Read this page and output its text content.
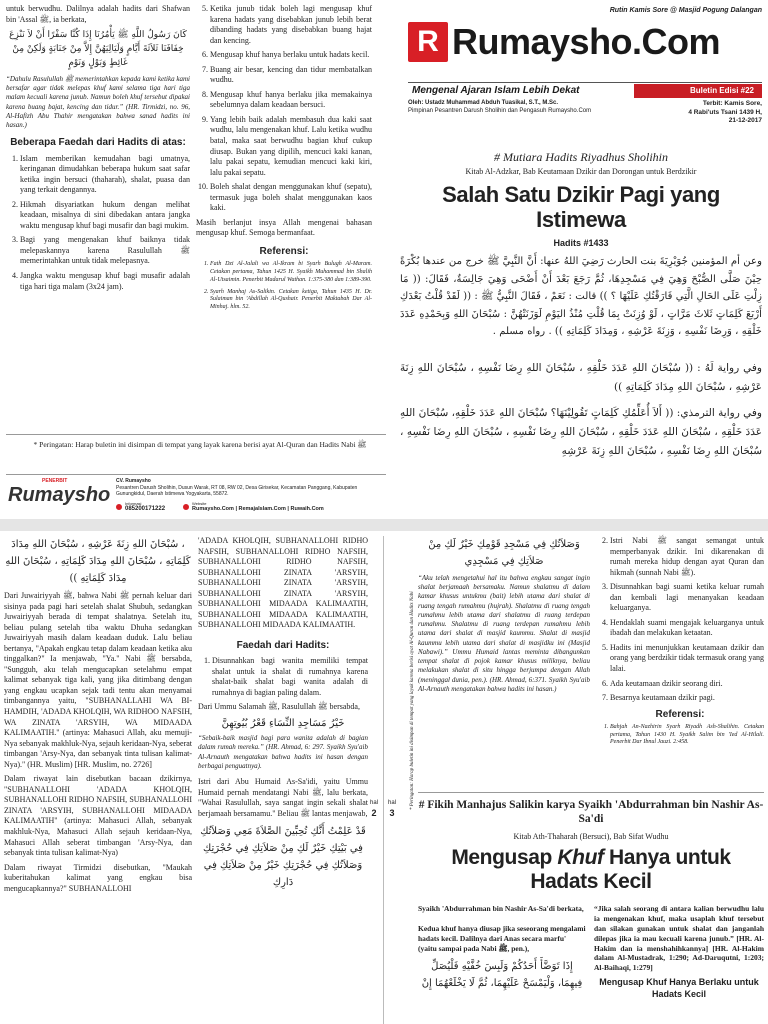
untuk berwudhu. Dalilnya adalah hadits dari Shafwan bin 'Assal ﷺ, ia berkata,

كَانَ رَسُولُ اللَّهِ ﷺ يَأْمُرُنَا إِذَا كُنَّا سَفْرًا أَنْ لاَ نَنْزِعَ خِفَافَنَا ثَلاَثَةَ أَيَّامٍ وَلَيَالِيَهُنَّ إِلاَّ مِنْ جَنَابَةٍ وَلَكِنْ مِنْ غَائِطٍ وَبَوْلٍ وَنَوْمٍ

“Dahulu Rasulullah ﷺ memerintahkan kepada kami ketika kami bersafar agar tidak melepas khuf kami selama tiga hari tiga malam kecuali karena junub. Namun boleh khuf tersebut dipakai karena buang bajat, kencing dan tidur.” (HR. Tirmidzi, no. 96, Al-Hafizh Abu Thahir mengatakan bahwa sanad hadits ini hasan.)

Beberapa Faedah dari Hadits di atas:
1. Islam memberikan kemudahan bagi umatnya, keringanan dimudahkan beberapa hukum saat safar ketika ingin bersuci (thaharah), shalat, puasa dan yang terkait dengannya.
2. Hikmah disyariatkan hukum dengan melihat keadaan, misalnya di sini dibedakan antara jangka waktu mengusap khuf bagi musafir dan bagi mukim.
3. Bagi yang mengenakan khuf baiknya tidak melepaskannya karena Rasulullah ﷺ memerintahkan untuk tidak melepasnya.
4. Jangka waktu mengusap khuf bagi musafir adalah tiga hari tiga malam (3x24 jam).
5. Ketika junub tidak boleh lagi mengusap khuf karena hadats yang disebabkan junub lebih berat dibanding hadats yang disebabkan buang hajat dan kencing.
6. Mengusap khuf hanya berlaku untuk hadats kecil.
7. Buang air besar, kencing dan tidur membatalkan wudhu.
8. Mengusap khuf hanya berlaku jika memakainya sebelumnya dalam keadaan bersuci.
9. Yang lebih baik adalah membasuh dua kaki saat wudhu, lalu mengenakan khuf. Lalu ketika wudhu batal, maka saat berwudhu bagian khuf cukup diusap. Bukan yang dipilih, mencuci kaki kanan, lalu pakai sepatu, kemudian mencuci kaki kiri, lalu pakai sepatu.
10. Boleh shalat dengan menggunakan khuf (sepatu), termasuk juga boleh shalat menggunakan kaos kaki.

Masih berlanjut insya Allah mengenai bahasan mengusap khuf. Semoga bermanfaat.

Referensi:
1. Fath Dzi Al-Jalali wa Al-Ikram bi Syarh Bulugh Al-Maram. Cetakan pertama, Tahun 1425 H. Syaikh Muhammad bin Shalih Al-Utsaimin. Penerbit Madarul Wathan. 1:375-380 dan 1:389-390.
2. Syarh Manhaj As-Salikin. Cetakan ketiga, Tahun 1435 H. Dr. Sulaiman bin 'Abdillah Al-Qushair. Penerbit Maktabah Dar Al-Minhaj. hlm. 52.
Rutin Kamis Sore @ Masjid Pogung Dalangan
R Rumaysho.Com
Mengenal Ajaran Islam Lebih Dekat	Buletin Edisi #22
Oleh: Ustadz Muhammad Abduh Tuasikal, S.T., M.Sc.
Pimpinan Pesantren Darush Sholihin dan Pengasuh Rumaysho.Com
Terbit: Kamis Sore,
4 Rabi'uts Tsani 1439 H,
21-12-2017
# Mutiara Hadits Riyadhus Sholihin
Kitab Al-Adzkar, Bab Keutamaan Dzikir dan Dorongan untuk Berdzikir
Salah Satu Dzikir Pagi yang Istimewa
Hadits #1433

وعن أم المؤمنين جُوَيْرِيَةَ بنت الحارث رَضِيَ اللهُ عنها: أَنَّ النَّبِيَّ ﷺ خرج من عندها بُكْرَةً حِيْنَ صَلَّى الصُّبْحَ وَهِيَ فِي مَسْجِدِهَا، ثُمَّ رَجَعَ بَعْدَ أَنْ أَضْحَى وَهِيَ جَالِسَةٌ، فَقَالَ: (( مَا زِلْتِ عَلَى الحَالِ الَّتِي فَارَقْتُكِ عَلَيْهَا ؟ )) قالت : نَعَمْ ، فَقَالَ النَّبِيُّ ﷺ : (( لَقَدْ قُلْتُ بَعْدَكِ أَرْبَعَ كَلِمَاتٍ ثَلاثَ مَرَّاتٍ ، لَوْ وُزِنَتْ بِمَا قُلْتِ مُنْذُ اليَوْمِ لَوَزَنَتْهُنَّ : سُبْحَانَ اللهِ وَبِحَمْدِهِ عَدَدَ خَلْقِهِ ، وَرِضَا نَفْسِهِ ، وَزِنَةَ عَرْشِهِ ، وَمِدَادَ كَلِمَاتِهِ )) . رواه مسلم .

وفي رواية لَهُ : (( سُبْحَانَ اللهِ عَدَدَ خَلْقِهِ ، سُبْحَانَ اللهِ رِضَا نَفْسِهِ ، سُبْحَانَ اللهِ زِنَةَ عَرْشِهِ ، سُبْحَانَ اللهِ مِدَادَ كَلِمَاتِهِ ))

وفي رواية الترمذي: (( أَلاَ أُعَلِّمُكِ كَلِمَاتٍ تَقُولِيْنَهَا؟ سُبْحَانَ اللهِ عَدَدَ خَلْقِهِ، سُبْحَانَ اللهِ عَدَدَ خَلْقِهِ ، سُبْحَانَ اللهِ عَدَدَ خَلْقِهِ ، سُبْحَانَ اللهِ رِضَا نَفْسِهِ ، سُبْحَانَ اللهِ رِضَا نَفْسِهِ ، سُبْحَانَ اللهِ رِضَا نَفْسِهِ ، سُبْحَانَ اللهِ زِنَةَ عَرْشِهِ

* Peringatan: Harap buletin ini disimpan di tempat yang layak karena berisi ayat Al-Quran dan Hadits Nabi ﷺ
PENERBIT
Rumaysho
CV. Rumaysho
Pesantren Darush Sholihin, Dusun Warak, RT 08, RW 02, Desa Girisekar, Kecamatan Panggang, Kabupaten Gunungkidul, Daerah Istimewa Yogyakarta, 55872.
Informasi
085200171222
Website
Rumaysho.Com | RemajaIslam.Com | Ruwaih.Com

، سُبْحَانَ اللهِ زِنَةَ عَرْشِهِ ، سُبْحَانَ اللهِ مِدَادَ كَلِمَاتِهِ ، سُبْحَانَ اللهِ مِدَادَ كَلِمَاتِهِ ، سُبْحَانَ اللهِ مِدَادَ كَلِمَاتِهِ ))

Dari Juwairiyyah ﷺ, bahwa Nabi ﷺ pernah keluar dari sisinya pada pagi hari setelah shalat Shubuh, sedangkan Juwairiyyah berada di tempat shalatnya. Setelah itu, beliau pulang setelah tiba waktu Dhuha sedangkan Juwairiyyah masih dalam keadaan duduk. Lalu beliau bertanya, "Apakah engkau tetap dalam keadaan ketika aku tinggalkan?" Ia menjawab, "Ya." Nabi ﷺ bersabda, "Sungguh, aku telah mengucapkan setelahmu empat kalimat sebanyak tiga kali, yang jika ditimbang dengan yang engkau ucapkan sejak tadi tentu akan menyamai timbangannya yaitu, "SUBHANALLAHI WA BI-HAMDIH, 'ADADA KHOLQIH, WA RIDHOO NAFSIH, WA ZINATA 'ARSYIH, WA MIDAADA KALIMAATIH." (artinya: Mahasuci Allah, aku memuji-Nya sebanyak makhluk-Nya, sejauh keridaan-Nya, seberat timbangan 'Arsy-Nya, dan sebanyak tinta tulisan kalimat-Nya)." (HR. Muslim) [HR. Muslim, no. 2726]

Dalam riwayat lain disebutkan bacaan dzikirnya, "SUBHANALLOHI 'ADADA KHOLQIH, SUBHANALLOHI RIDHO NAFSIH, SUBHANALLOHI ZINATA 'ARSYIH, SUBHANALLOHI MIDAADA KALIMAATIH" (artinya: Mahasuci Allah, sebanyak makhluk-Nya, Mahasuci Allah sejauh keridaan-Nya, Mahasuci Allah seberat timbangan 'Arsy-Nya, dan sebanyak tinta tulisan kalimat-Nya)

Dalam riwayat Tirmidzi disebutkan, "Maukah kuberitahukan kalimat yang engkau bisa mengucapkannya?" SUBHANALLOHI

'ADADA KHOLQIH, SUBHANALLOHI RIDHO NAFSIH, SUBHANALLOHI RIDHO NAFSIH, SUBHANALLOHI RIDHO NAFSIH, SUBHANALLOHI ZINATA 'ARSYIH, SUBHANALLOHI ZINATA 'ARSYIH, SUBHANALLOHI ZINATA 'ARSYIH, SUBHANALLOHI MIDAADA KALIMAATIH, SUBHANALLOHI MIDAADA KALIMAATIH, SUBHANALLOHI MIDAADA KALIMAATIH.

Faedah dari Hadits:
1. Disunnahkan bagi wanita memiliki tempat shalat untuk ia shalat di rumahnya karena shalat-baik shalat bagi wanita adalah di rumahnya di bagian paling dalam.

Dari Ummu Salamah ﷺ, Rasulullah ﷺ bersabda,

خَيْرُ مَسَاجِدِ النِّسَاءِ قَعْرُ بُيُوتِهِنَّ

“Sebaik-baik masjid bagi para wanita adalah di bagian dalam rumah mereka.” (HR. Ahmad, 6: 297. Syaikh Syu'aib Al-Arnauth mengatakan bahwa hadits ini hasan dengan berbagai penguatnya).

Istri dari Abu Humaid As-Sa'idi, yaitu Ummu Humaid pernah mendatangi Nabi ﷺ, lalu berkata, "Wahai Rasulullah, saya sangat ingin sekali shalat berjamaah bersamamu." Beliau ﷺ lantas menjawab,

قَدْ عَلِمْتُ أَنَّكِ تُحِبِّينَ الصَّلاَةَ مَعِي وَصَلاَتُكِ فِي بَيْتِكِ خَيْرٌ لَكِ مِنْ صَلاَتِكِ فِي حُجْرَتِكِ وَصَلاَتُكِ فِي حُجْرَتِكِ خَيْرٌ مِنْ صَلاَتِكِ فِي دَارِكِ

hal
2
hal
3
* Peringatan: Harap buletin ini disimpan di tempat yang layak karena berisi ayat Al-Quran dan Hadits Nabi

وَصَلاَتُكِ فِي مَسْجِدِ قَوْمِكِ خَيْرٌ لَكِ مِنْ صَلاَتِكِ فِي مَسْجِدِي

“Aku telah mengetahui hal itu bahwa engkau sangat ingin shalat berjamaah bersamaku. Namun shalatmu di dalam kamar khusus untukmu (bait) lebih utama dari shalat di ruang tengah rumahmu (hujrah). Shalatmu di ruang tengah rumahmu lebih utama dari shalatmu di ruang terdepan rumahmu. Shalatmu di ruang terdepan rumahmu lebih utama dari shalat di masjid kaummu. Shalat di masjid kaummu lebih utama dari shalat di masjidku ini (Masjid Nabawi).” Ummu Humaid lantas meminta dibangunkan tempat shalat di pojok kamar khusus miliknya, beliau melakukan shalat di situ hingga berjumpa dengan Allah (meninggal dunia, pen.). (HR. Ahmad, 6:371. Syaikh Syu'aib Al-Arnauth mengatakan bahwa hadits ini hasan.)

2. Istri Nabi ﷺ sangat semangat untuk memperbanyak dzikir. Ini dikarenakan di rumah mereka hidup dengan ayat Quran dan hikmah (sunnah Nabi ﷺ).
3. Disunnahkan bagi suami ketika keluar rumah dan kembali lagi menanyakan keadaan keluarganya.
4. Hendaklah suami mengajak keluarganya untuk ibadah dan melakukan ketaatan.
5. Hadits ini menunjukkan keutamaan dzikir dan orang yang berdzikir tidak termasuk orang yang lalai.
6. Ada keutamaan dzikir seorang diri.
7. Besarnya keutamaan dzikir pagi.
Referensi:
1. Bahjah An-Nazhirin Syarh Riyadh Ash-Shalihin. Cetakan pertama, Tahun 1430 H. Syaikh Salim bin 'Ied Al-Hilali. Penerbit Dar Ibnul Jauzi. 2:458.
# Fikih Manhajus Salikin karya Syaikh 'Abdurrahman bin Nashir As-Sa'di
Kitab Ath-Thaharah (Bersuci), Bab Sifat Wudhu
Mengusap Khuf Hanya untuk Hadats Kecil

Syaikh 'Abdurrahman bin Nashir As-Sa'di berkata,

Kedua khuf hanya diusap jika seseorang mengalami hadats kecil. Dalilnya dari Anas secara marfu' (yaitu sampai pada Nabi ﷺ, pen.),

إِذَا تَوَضَّأَ أَحَدُكُمْ وَلَبِسَ خُفَّيْهِ فَلْيُصَلِّ فِيهِمَا، وَلْيَمْسَحْ عَلَيْهِمَا، ثُمَّ لَا يَخْلَعْهُمَا إِنْ

“Jika salah seorang di antara kalian berwudhu lalu ia mengenakan khuf, maka usaplah khuf tersebut dan silakan gunakan untuk shalat dan janganlah dilepas jika ia mau kecuali karena junub.” [HR. Al-Hakim dan ia menshahihkannya] [HR. Al-Hakim dalam Al-Mustadrak, 1:290; Ad-Daruqutni, 1:203; Al-Baihaqi, 1:279]

Mengusap Khuf Hanya Berlaku untuk Hadats Kecil
